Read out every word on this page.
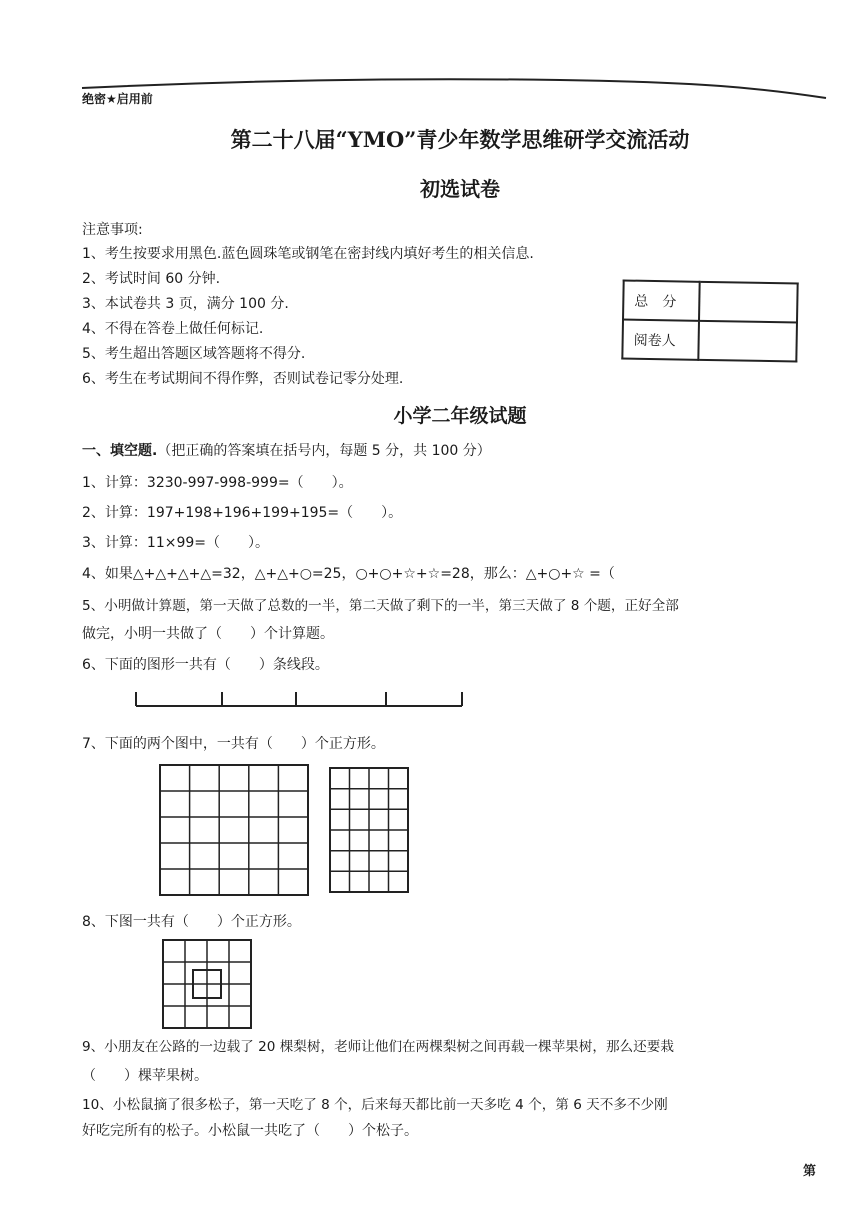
绝密★启用前
第二十八届“YMO”青少年数学思维研学交流活动
初选试卷
注意事项:
1、考生按要求用黑色.蓝色圆珠笔或钢笔在密封线内填好考生的相关信息.
2、考试时间 60 分钟.
3、本试卷共 3 页，满分 100 分.
4、不得在答卷上做任何标记.
5、考生超出答题区域答题将不得分.
6、考生在考试期间不得作弊，否则试卷记零分处理.
总　分	
阅卷人	
小学二年级试题
一、填空题.（把正确的答案填在括号内，每题 5 分，共 100 分）
1、计算：3230-997-998-999=（　　）。
2、计算：197+198+196+199+195=（　　）。
3、计算：11×99=（　　）。
4、如果△+△+△+△=32，△+△+○=25，○+○+☆+☆=28，那么：△+○+☆ =（
5、小明做计算题，第一天做了总数的一半，第二天做了剩下的一半，第三天做了 8 个题，正好全部
做完，小明一共做了（　　）个计算题。
6、下面的图形一共有（　　）条线段。
7、下面的两个图中，一共有（　　）个正方形。
8、下图一共有（　　）个正方形。
9、小朋友在公路的一边载了 20 棵梨树，老师让他们在两棵梨树之间再载一棵苹果树，那么还要栽
（　　）棵苹果树。
10、小松鼠摘了很多松子，第一天吃了 8 个，后来每天都比前一天多吃 4 个，第 6 天不多不少刚
好吃完所有的松子。小松鼠一共吃了（　　）个松子。
第
